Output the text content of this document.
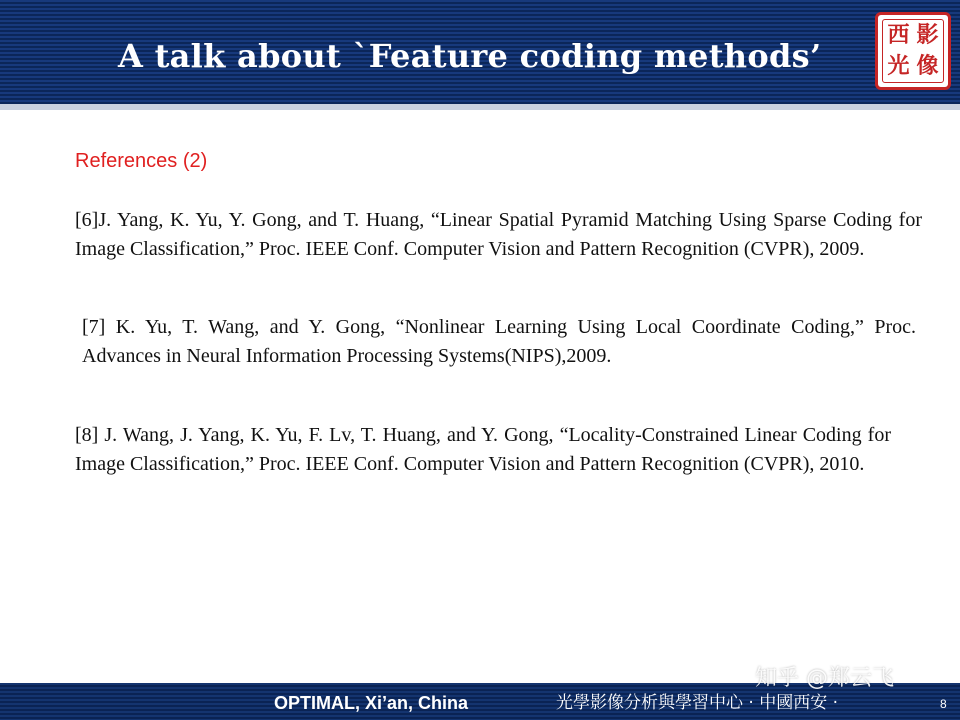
A talk about `Feature coding methods’
西 影
光 像
References (2)
[6]J. Yang, K. Yu, Y. Gong, and T. Huang, “Linear Spatial Pyramid Matching Using Sparse Coding for Image Classification,” Proc. IEEE Conf. Computer Vision and Pattern Recognition (CVPR), 2009.
[7] K. Yu, T. Wang, and Y. Gong, “Nonlinear Learning Using Local Coordinate Coding,” Proc. Advances in Neural Information Processing Systems(NIPS),2009.
[8] J. Wang, J. Yang, K. Yu, F. Lv, T. Huang, and Y. Gong, “Locality-Constrained Linear Coding for Image Classification,” Proc. IEEE Conf. Computer Vision and Pattern Recognition (CVPR), 2010.
OPTIMAL, Xi’an, China	光學影像分析與學習中心 · 中國西安 ·
知乎 @郑云飞
8
